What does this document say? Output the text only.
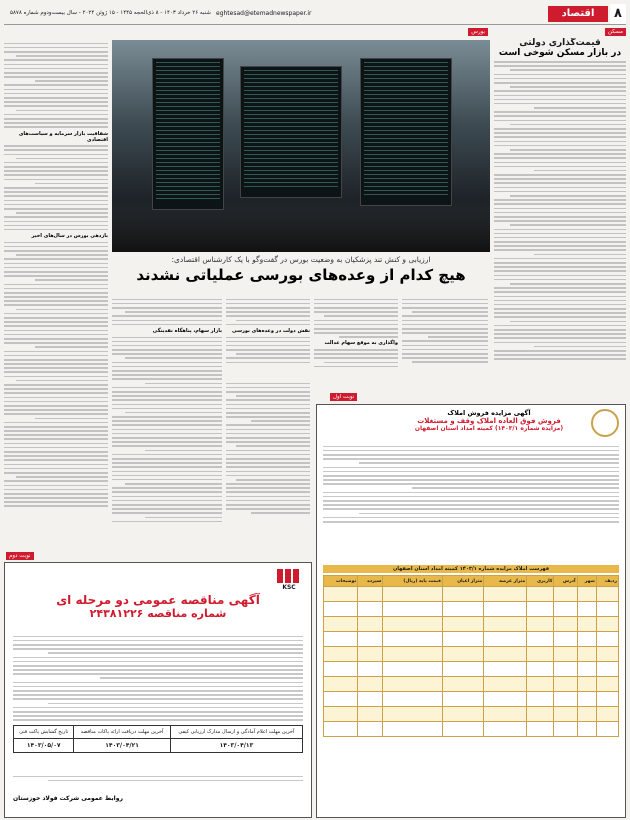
۸
اقتصاد
eghtesad@etemadnewspaper.ir
شنبه ۲۶ خرداد ۱۴۰۳ - ۸ ذی‌الحجه ۱۴۴۵ - ۱۵ ژوئن ۲۰۲۴ - سال بیست‌ودوم شماره ۵۸۷۸
مسکن
قیمت‌گذاری دولتی
در بازار مسکن شوخی است
بورس
ارزیابی و کنش تند پزشکیان به وضعیت بورس در گفت‌وگو با یک کارشناس اقتصادی:
هیچ کدام از وعده‌های بورسی عملیاتی نشدند
واگذاری به موقع سهام عدالت
نقش دولت در وعده‌های بورسی
بازار سهام، پناهگاه نقدینگی
شفافیت بازار سرمایه و سیاست‌های اقتصادی
بازدهی بورس در سال‌های اخیر
نوبت اول
آگهی مزایده فروش املاک
فروش فوق العاده املاک وقف و مستغلات
(مزایده شماره ۱۴۰۳/۱) کمیته امداد استان اصفهان
فهرست املاک مزایده شماره ۱۴۰۳/۱ کمیته امداد استان اصفهان
ردیف	شهر	آدرس	کاربری	متراژ عرصه	متراژ اعیان	قیمت پایه (ریال)	سپرده	توضیحات

نوبت دوم
KSC
آگهی مناقصه عمومی دو مرحله ای
شماره مناقصه ۲۴۳۸۱۲۲۶
آخرین مهلت اعلام آمادگی و ارسال مدارک ارزیابی کیفی	آخرین مهلت دریافت ارائه پاکات مناقصه	تاریخ گشایش پاکت فنی
۱۴۰۳/۰۴/۱۳	۱۴۰۳/۰۴/۲۱	۱۴۰۳/۰۵/۰۷
روابط عمومی شرکت فولاد خوزستان
